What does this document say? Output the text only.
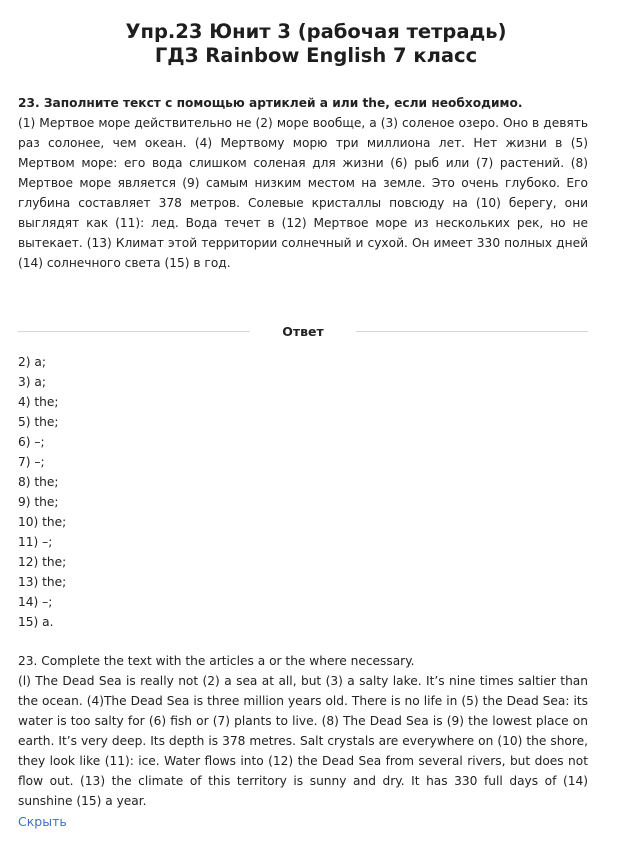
Упр.23 Юнит 3 (рабочая тетрадь)
ГДЗ Rainbow English 7 класс
23. Заполните текст с помощью артиклей a или the, если необходимо.
(1) Мертвое море действительно не (2) море вообще, а (3) соленое озеро. Оно в девять раз солонее, чем океан. (4) Мертвому морю три миллиона лет. Нет жизни в (5) Мертвом море: его вода слишком соленая для жизни (6) рыб или (7) растений. (8) Мертвое море является (9) самым низким местом на земле. Это очень глубоко. Его глубина составляет 378 метров. Солевые кристаллы повсюду на (10) берегу, они выглядят как (11): лед. Вода течет в (12) Мертвое море из нескольких рек, но не вытекает. (13) Климат этой территории солнечный и сухой. Он имеет 330 полных дней (14) солнечного света (15) в год.
Ответ
2) a;
3) a;
4) the;
5) the;
6) –;
7) –;
8) the;
9) the;
10) the;
11) –;
12) the;
13) the;
14) –;
15) a.
23. Complete the text with the articles a or the where necessary.
(l) The Dead Sea is really not (2) a sea at all, but (3) a salty lake. It’s nine times saltier than the ocean. (4)The Dead Sea is three million years old. There is no life in (5) the Dead Sea: its water is too salty for (6) fish or (7) plants to live. (8) The Dead Sea is (9) the lowest place on earth. It’s very deep. Its depth is 378 metres. Salt crystals are everywhere on (10) the shore, they look like (11): ice. Water flows into (12) the Dead Sea from several rivers, but does not flow out. (13) the climate of this territory is sunny and dry. It has 330 full days of (14) sunshine (15) a year.
Скрыть
